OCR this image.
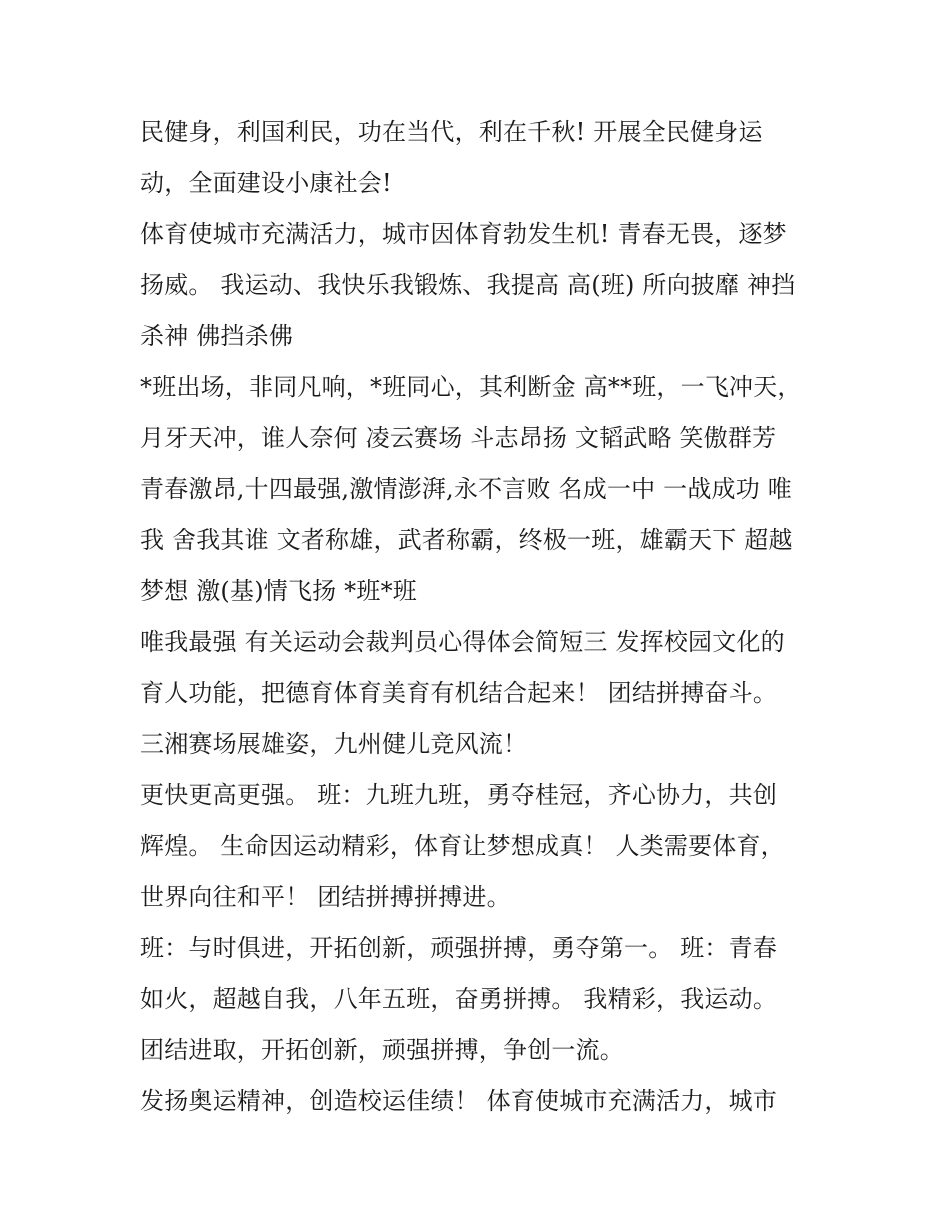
民健身，利国利民，功在当代，利在千秋! 开展全民健身运
动，全面建设小康社会!
体育使城市充满活力，城市因体育勃发生机! 青春无畏，逐梦
扬威。 我运动、我快乐我锻炼、我提高 高(班) 所向披靡 神挡
杀神 佛挡杀佛
*班出场，非同凡响，*班同心，其利断金 高**班，一飞冲天，
月牙天冲，谁人奈何 凌云赛场 斗志昂扬 文韬武略 笑傲群芳
青春激昂,十四最强,激情澎湃,永不言败 名成一中 一战成功 唯
我 舍我其谁 文者称雄，武者称霸，终极一班，雄霸天下 超越
梦想 激(基)情飞扬 *班*班
唯我最强 有关运动会裁判员心得体会简短三 发挥校园文化的
育人功能，把德育体育美育有机结合起来！ 团结拼搏奋斗。
三湘赛场展雄姿，九州健儿竞风流！
更快更高更强。 班：九班九班，勇夺桂冠，齐心协力，共创
辉煌。 生命因运动精彩，体育让梦想成真！ 人类需要体育，
世界向往和平！ 团结拼搏拼搏进。
班：与时俱进，开拓创新，顽强拼搏，勇夺第一。 班：青春
如火，超越自我，八年五班，奋勇拼搏。 我精彩，我运动。
团结进取，开拓创新，顽强拼搏，争创一流。
发扬奥运精神，创造校运佳绩！ 体育使城市充满活力，城市
